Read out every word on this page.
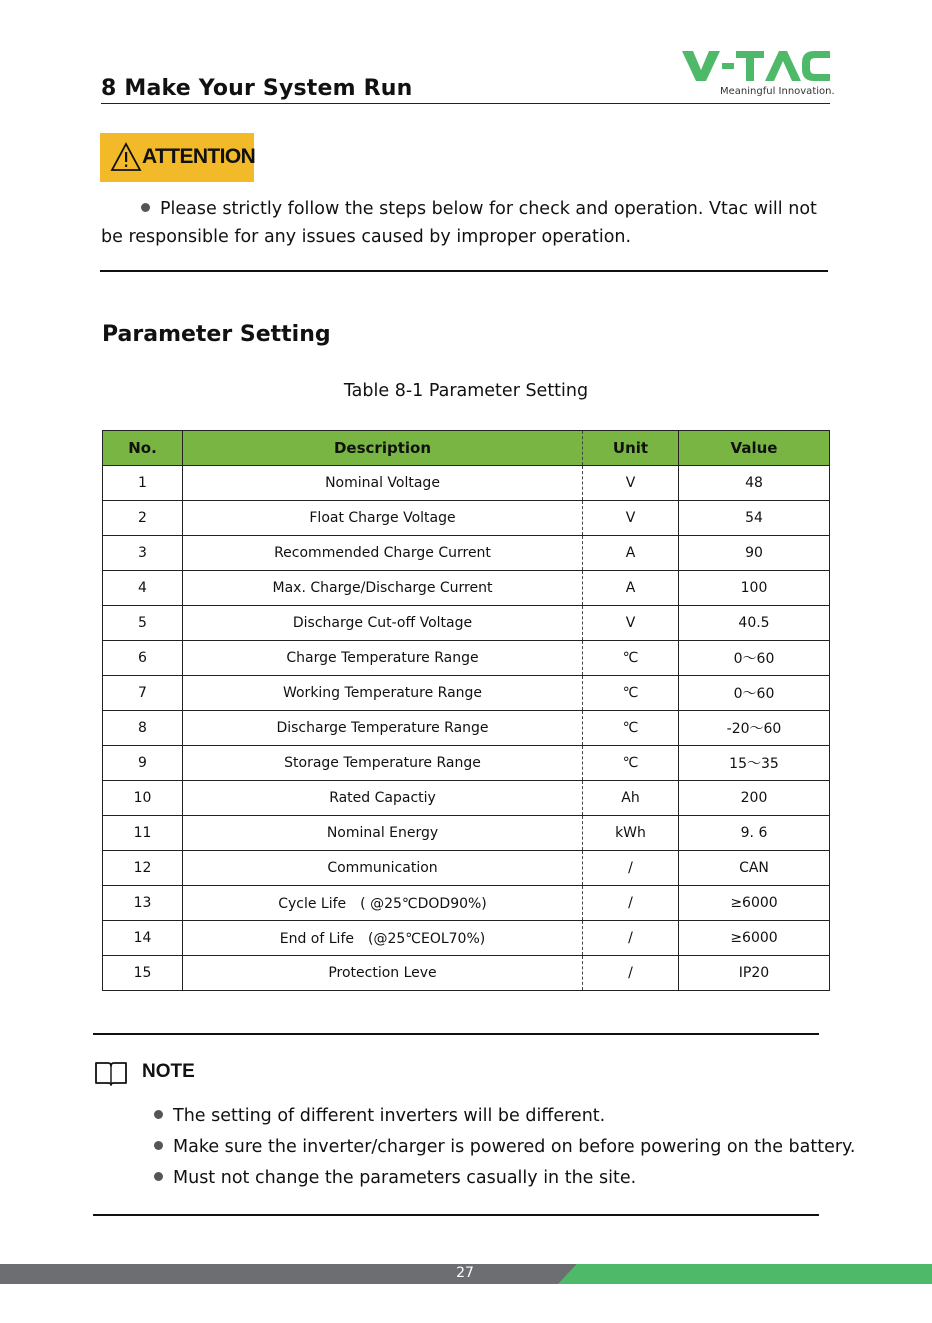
8 Make Your System Run	Meaningful Innovation.
ATTENTION
Please strictly follow the steps below for check and operation. Vtac will not be responsible for any issues caused by improper operation.
Parameter Setting
Table 8-1 Parameter Setting
No.	Description	Unit	Value
1	Nominal Voltage	V	48
2	Float Charge Voltage	V	54
3	Recommended Charge Current	A	90
4	Max. Charge/Discharge Current	A	100
5	Discharge Cut-off Voltage	V	40.5
6	Charge Temperature Range	℃	0～60
7	Working Temperature Range	℃	0～60
8	Discharge Temperature Range	℃	-20～60
9	Storage Temperature Range	℃	15～35
10	Rated Capactiy	Ah	200
11	Nominal Energy	kWh	9. 6
12	Communication	/	CAN
13	Cycle Life　( @25℃DOD90%)	/	≥6000
14	End of Life　(@25℃EOL70%)	/	≥6000
15	Protection Leve	/	IP20
NOTE
The setting of different inverters will be different.
Make sure the inverter/charger is powered on before powering on the battery.
Must not change the parameters casually in the site.
27
